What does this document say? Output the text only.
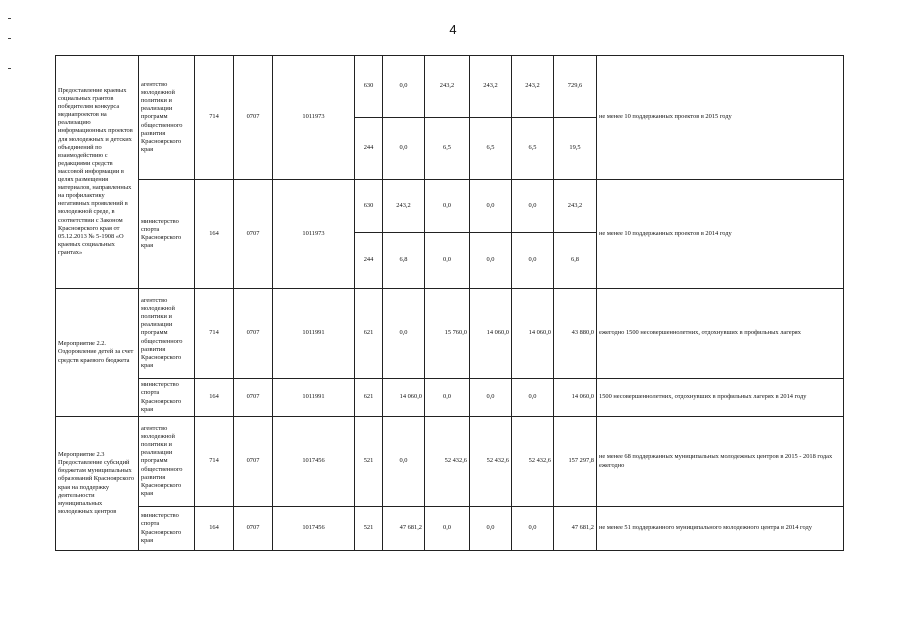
4
Предоставление краевых социальных грантов победителям конкурса медиапроектов на реализацию информационных проектов для молодежных и детских объединений по взаимодействию с редакциями средств массовой информации в целях размещения материалов, направленных на профилактику негативных проявлений в молодежной среде, в соответствии с Законом Красноярского края от 05.12.2013 № 5-1908 «О краевых социальных грантах»	агентство молодежной политики и реализации программ общественного развития Красноярского края	714	0707	1011973	630	0,0	243,2	243,2	243,2	729,6	не менее 10 поддержанных проектов в 2015 году
					244	0,0	6,5	6,5	6,5	19,5	
	министерство спорта Красноярского края	164	0707	1011973	630	243,2	0,0	0,0	0,0	243,2	не менее 10 поддержанных проектов в 2014 году
					244	6,8	0,0	0,0	0,0	6,8	
Мероприятие 2.2. Оздоровление детей за счет средств краевого бюджета	агентство молодежной политики и реализации программ общественного развития Красноярского края	714	0707	1011991	621	0,0	15 760,0	14 060,0	14 060,0	43 880,0	ежегодно 1500 несовершеннолетних, отдохнувших в профильных лагерях
	министерство спорта Красноярского края	164	0707	1011991	621	14 060,0	0,0	0,0	0,0	14 060,0	1500 несовершеннолетних, отдохнувших в профильных лагерях в 2014 году
Мероприятие 2.3 Предоставление субсидий бюджетам муниципальных образований Красноярского края на поддержку деятельности муниципальных молодежных центров	агентство молодежной политики и реализации программ общественного развития Красноярского края	714	0707	1017456	521	0,0	52 432,6	52 432,6	52 432,6	157 297,8	не менее 68 поддержанных муниципальных молодежных центров в 2015 - 2018 годах ежегодно
	министерство спорта Красноярского края	164	0707	1017456	521	47 681,2	0,0	0,0	0,0	47 681,2	не менее 51 поддержанного муниципального молодежного центра в 2014 году
